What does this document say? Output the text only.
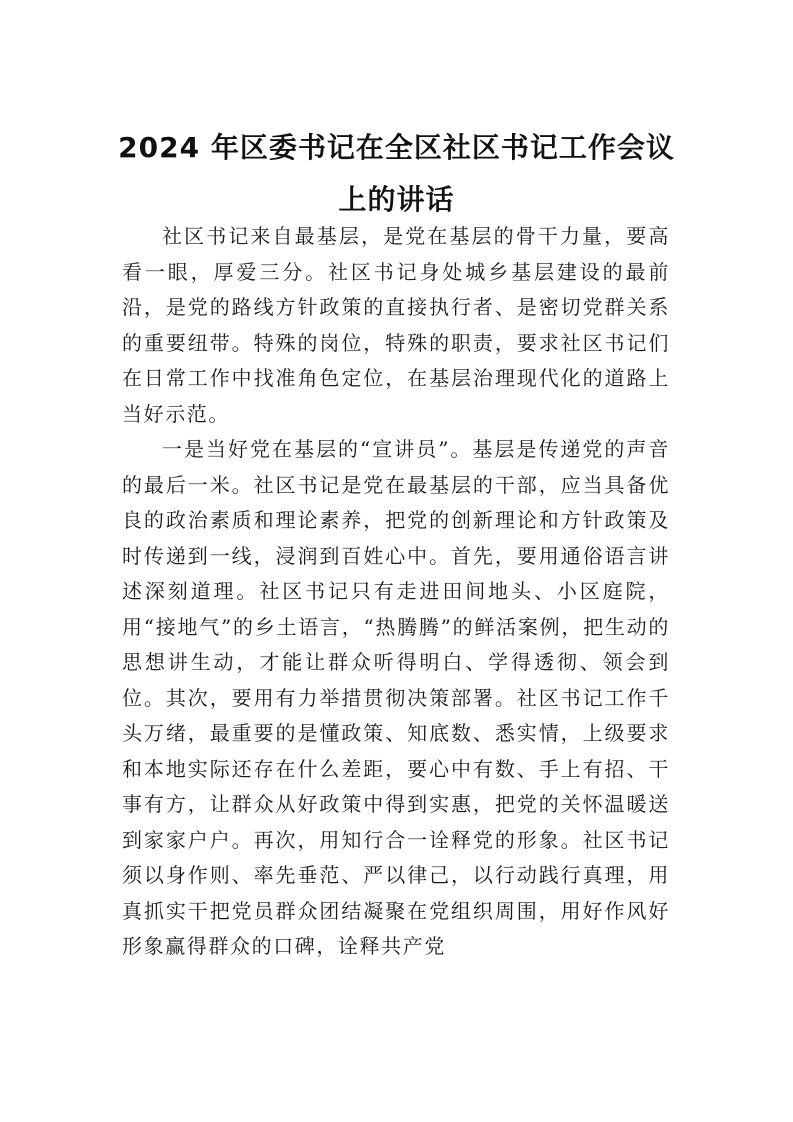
2024 年区委书记在全区社区书记工作会议
上的讲话

社区书记来自最基层，是党在基层的骨干力量，要高看一眼，厚爱三分。社区书记身处城乡基层建设的最前沿，是党的路线方针政策的直接执行者、是密切党群关系的重要纽带。特殊的岗位，特殊的职责，要求社区书记们在日常工作中找准角色定位，在基层治理现代化的道路上当好示范。

一是当好党在基层的“宣讲员”。基层是传递党的声音的最后一米。社区书记是党在最基层的干部，应当具备优良的政治素质和理论素养，把党的创新理论和方针政策及时传递到一线，浸润到百姓心中。首先，要用通俗语言讲述深刻道理。社区书记只有走进田间地头、小区庭院，用“接地气”的乡土语言，“热腾腾”的鲜活案例，把生动的思想讲生动，才能让群众听得明白、学得透彻、领会到位。其次，要用有力举措贯彻决策部署。社区书记工作千头万绪，最重要的是懂政策、知底数、悉实情，上级要求和本地实际还存在什么差距，要心中有数、手上有招、干事有方，让群众从好政策中得到实惠，把党的关怀温暖送到家家户户。再次，用知行合一诠释党的形象。社区书记须以身作则、率先垂范、严以律己，以行动践行真理，用真抓实干把党员群众团结凝聚在党组织周围，用好作风好形象赢得群众的口碑，诠释共产党
